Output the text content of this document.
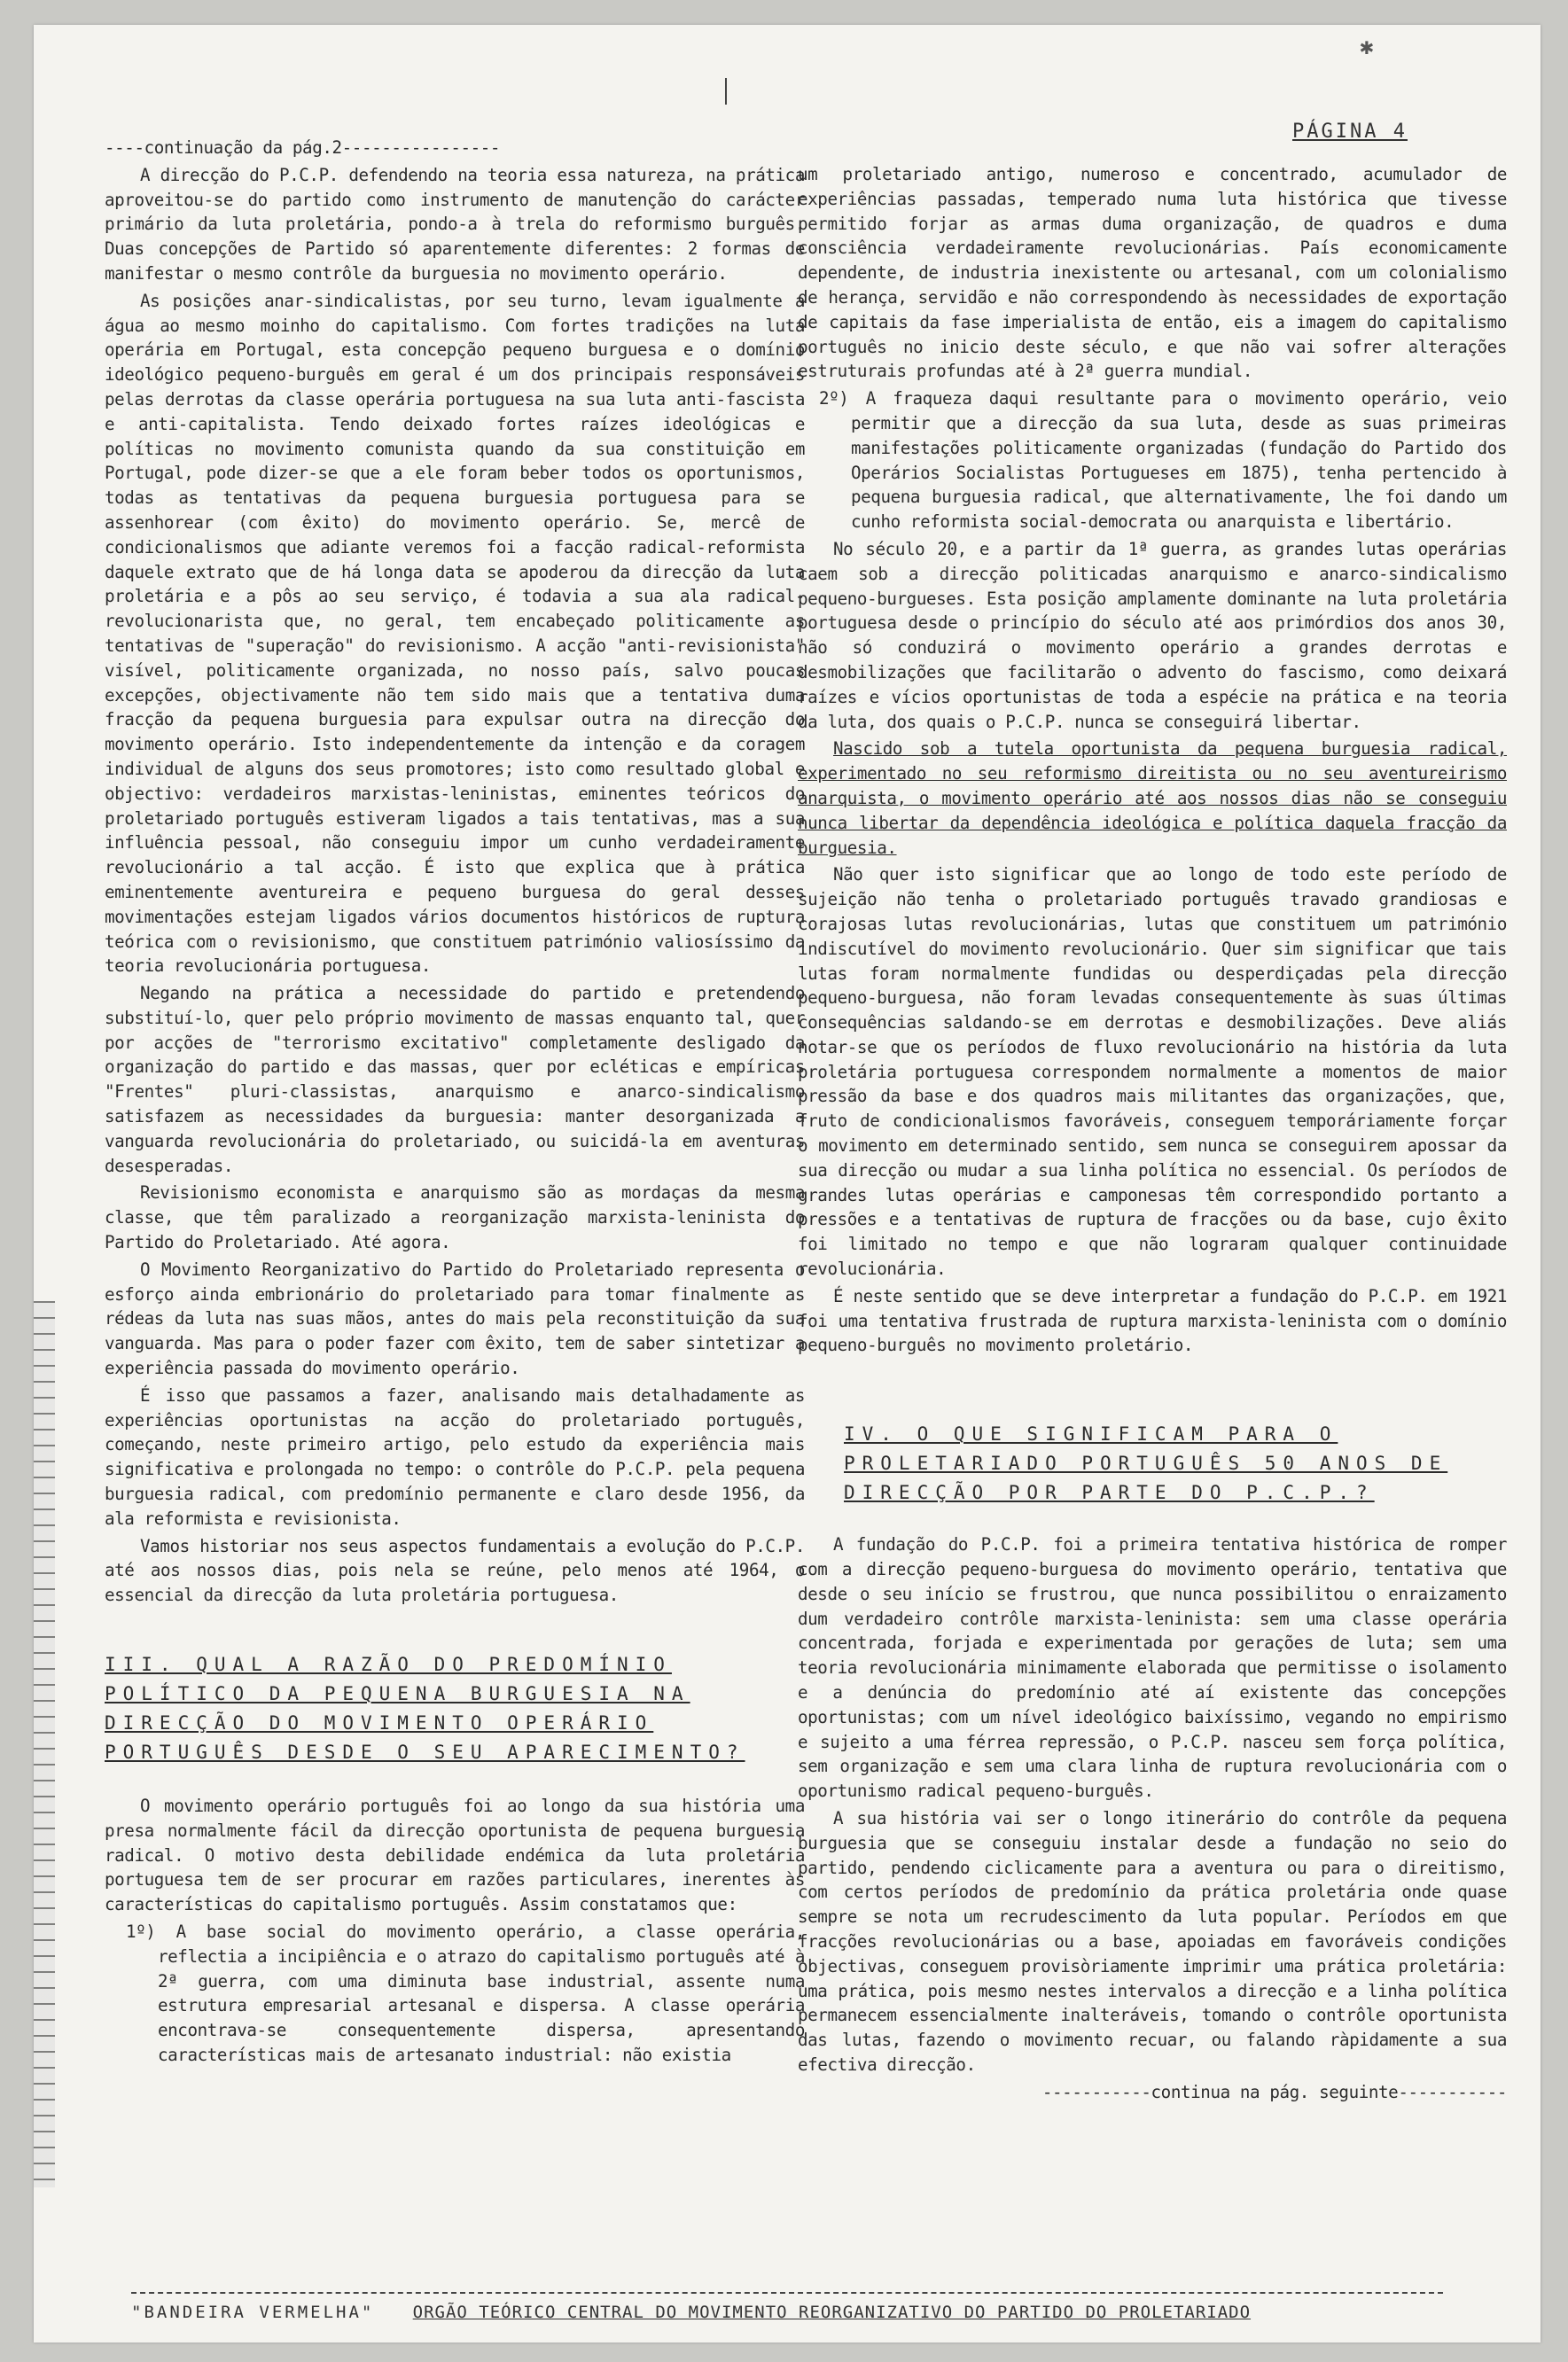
✱
PÁGINA 4

----continuação da pág.2----------------

A direcção do P.C.P. defendendo na teoria essa natureza, na prática aproveitou-se do partido como instrumento de manutenção do carácter primário da luta proletária, pondo-a à trela do reformismo burguês. Duas concepções de Partido só aparentemente diferentes: 2 formas de manifestar o mesmo contrôle da burguesia no movimento operário.

As posições anar-sindicalistas, por seu turno, levam igualmente a água ao mesmo moinho do capitalismo. Com fortes tradições na luta operária em Portugal, esta concepção pequeno burguesa e o domínio ideológico pequeno-burguês em geral é um dos principais responsáveis pelas derrotas da classe operária portuguesa na sua luta anti-fascista e anti-capitalista. Tendo deixado fortes raízes ideológicas e políticas no movimento comunista quando da sua constituição em Portugal, pode dizer-se que a ele foram beber todos os oportunismos, todas as tentativas da pequena burguesia portuguesa para se assenhorear (com êxito) do movimento operário. Se, mercê de condicionalismos que adiante veremos foi a facção radical-reformista daquele extrato que de há longa data se apoderou da direcção da luta proletária e a pôs ao seu serviço, é todavia a sua ala radical-revolucionarista que, no geral, tem encabeçado politicamente as tentativas de "superação" do revisionismo. A acção "anti-revisionista" visível, politicamente organizada, no nosso país, salvo poucas excepções, objectivamente não tem sido mais que a tentativa duma fracção da pequena burguesia para expulsar outra na direcção do movimento operário. Isto independentemente da intenção e da coragem individual de alguns dos seus promotores; isto como resultado global e objectivo: verdadeiros marxistas-leninistas, eminentes teóricos do proletariado português estiveram ligados a tais tentativas, mas a sua influência pessoal, não conseguiu impor um cunho verdadeiramente revolucionário a tal acção. É isto que explica que à prática eminentemente aventureira e pequeno burguesa do geral desses movimentações estejam ligados vários documentos históricos de ruptura teórica com o revisionismo, que constituem património valiosíssimo da teoria revolucionária portuguesa.

Negando na prática a necessidade do partido e pretendendo substituí-lo, quer pelo próprio movimento de massas enquanto tal, quer por acções de "terrorismo excitativo" completamente desligado da organização do partido e das massas, quer por ecléticas e empíricas "Frentes" pluri-classistas, anarquismo e anarco-sindicalismo satisfazem as necessidades da burguesia: manter desorganizada a vanguarda revolucionária do proletariado, ou suicidá-la em aventuras desesperadas.

Revisionismo economista e anarquismo são as mordaças da mesma classe, que têm paralizado a reorganização marxista-leninista do Partido do Proletariado. Até agora.

O Movimento Reorganizativo do Partido do Proletariado representa o esforço ainda embrionário do proletariado para tomar finalmente as rédeas da luta nas suas mãos, antes do mais pela reconstituição da sua vanguarda. Mas para o poder fazer com êxito, tem de saber sintetizar a experiência passada do movimento operário.

É isso que passamos a fazer, analisando mais detalhadamente as experiências oportunistas na acção do proletariado português, começando, neste primeiro artigo, pelo estudo da experiência mais significativa e prolongada no tempo: o contrôle do P.C.P. pela pequena burguesia radical, com predomínio permanente e claro desde 1956, da ala reformista e revisionista.

Vamos historiar nos seus aspectos fundamentais a evolução do P.C.P. até aos nossos dias, pois nela se reúne, pelo menos até 1964, o essencial da direcção da luta proletária portuguesa.

III. QUAL A RAZÃO DO PREDOMÍNIO POLÍTICO DA PEQUENA BURGUESIA NA DIRECÇÃO DO MOVIMENTO OPERÁRIO PORTUGUÊS DESDE O SEU APARECIMENTO?

O movimento operário português foi ao longo da sua história uma presa normalmente fácil da direcção oportunista de pequena burguesia radical. O motivo desta debilidade endémica da luta proletária portuguesa tem de ser procurar em razões particulares, inerentes às características do capitalismo português. Assim constatamos que:

1º) A base social do movimento operário, a classe operária, reflectia a incipiência e o atrazo do capitalismo português até à 2ª guerra, com uma diminuta base industrial, assente numa estrutura empresarial artesanal e dispersa. A classe operária encontrava-se consequentemente dispersa, apresentando características mais de artesanato industrial: não existia

um proletariado antigo, numeroso e concentrado, acumulador de experiências passadas, temperado numa luta histórica que tivesse permitido forjar as armas duma organização, de quadros e duma consciência verdadeiramente revolucionárias. País economicamente dependente, de industria inexistente ou artesanal, com um colonialismo de herança, servidão e não correspondendo às necessidades de exportação de capitais da fase imperialista de então, eis a imagem do capitalismo português no inicio deste século, e que não vai sofrer alterações estruturais profundas até à 2ª guerra mundial.

2º) A fraqueza daqui resultante para o movimento operário, veio permitir que a direcção da sua luta, desde as suas primeiras manifestações politicamente organizadas (fundação do Partido dos Operários Socialistas Portugueses em 1875), tenha pertencido à pequena burguesia radical, que alternativamente, lhe foi dando um cunho reformista social-democrata ou anarquista e libertário.

No século 20, e a partir da 1ª guerra, as grandes lutas operárias caem sob a direcção politicadas anarquismo e anarco-sindicalismo pequeno-burgueses. Esta posição amplamente dominante na luta proletária portuguesa desde o princípio do século até aos primórdios dos anos 30, não só conduzirá o movimento operário a grandes derrotas e desmobilizações que facilitarão o advento do fascismo, como deixará raízes e vícios oportunistas de toda a espécie na prática e na teoria da luta, dos quais o P.C.P. nunca se conseguirá libertar.

Nascido sob a tutela oportunista da pequena burguesia radical, experimentado no seu reformismo direitista ou no seu aventureirismo anarquista, o movimento operário até aos nossos dias não se conseguiu nunca libertar da dependência ideológica e política daquela fracção da burguesia.

Não quer isto significar que ao longo de todo este período de sujeição não tenha o proletariado português travado grandiosas e corajosas lutas revolucionárias, lutas que constituem um património indiscutível do movimento revolucionário. Quer sim significar que tais lutas foram normalmente fundidas ou desperdiçadas pela direcção pequeno-burguesa, não foram levadas consequentemente às suas últimas consequências saldando-se em derrotas e desmobilizações. Deve aliás notar-se que os períodos de fluxo revolucionário na história da luta proletária portuguesa correspondem normalmente a momentos de maior pressão da base e dos quadros mais militantes das organizações, que, fruto de condicionalismos favoráveis, conseguem temporáriamente forçar o movimento em determinado sentido, sem nunca se conseguirem apossar da sua direcção ou mudar a sua linha política no essencial. Os períodos de grandes lutas operárias e camponesas têm correspondido portanto a pressões e a tentativas de ruptura de fracções ou da base, cujo êxito foi limitado no tempo e que não lograram qualquer continuidade revolucionária.

É neste sentido que se deve interpretar a fundação do P.C.P. em 1921 foi uma tentativa frustrada de ruptura marxista-leninista com o domínio pequeno-burguês no movimento proletário.

IV. O QUE SIGNIFICAM PARA O PROLETARIADO PORTUGUÊS 50 ANOS DE DIRECÇÃO POR PARTE DO P.C.P.?

A fundação do P.C.P. foi a primeira tentativa histórica de romper com a direcção pequeno-burguesa do movimento operário, tentativa que desde o seu início se frustrou, que nunca possibilitou o enraizamento dum verdadeiro contrôle marxista-leninista: sem uma classe operária concentrada, forjada e experimentada por gerações de luta; sem uma teoria revolucionária minimamente elaborada que permitisse o isolamento e a denúncia do predomínio até aí existente das concepções oportunistas; com um nível ideológico baixíssimo, vegando no empirismo e sujeito a uma férrea repressão, o P.C.P. nasceu sem força política, sem organização e sem uma clara linha de ruptura revolucionária com o oportunismo radical pequeno-burguês.

A sua história vai ser o longo itinerário do contrôle da pequena burguesia que se conseguiu instalar desde a fundação no seio do partido, pendendo ciclicamente para a aventura ou para o direitismo, com certos períodos de predomínio da prática proletária onde quase sempre se nota um recrudescimento da luta popular. Períodos em que fracções revolucionárias ou a base, apoiadas em favoráveis condições objectivas, conseguem provisòriamente imprimir uma prática proletária: uma prática, pois mesmo nestes intervalos a direcção e a linha política permanecem essencialmente inalteráveis, tomando o contrôle oportunista das lutas, fazendo o movimento recuar, ou falando ràpidamente a sua efectiva direcção.

-----------continua na pág. seguinte-----------

"BANDEIRA VERMELHA" ORGÃO TEÓRICO CENTRAL DO MOVIMENTO REORGANIZATIVO DO PARTIDO DO PROLETARIADO
